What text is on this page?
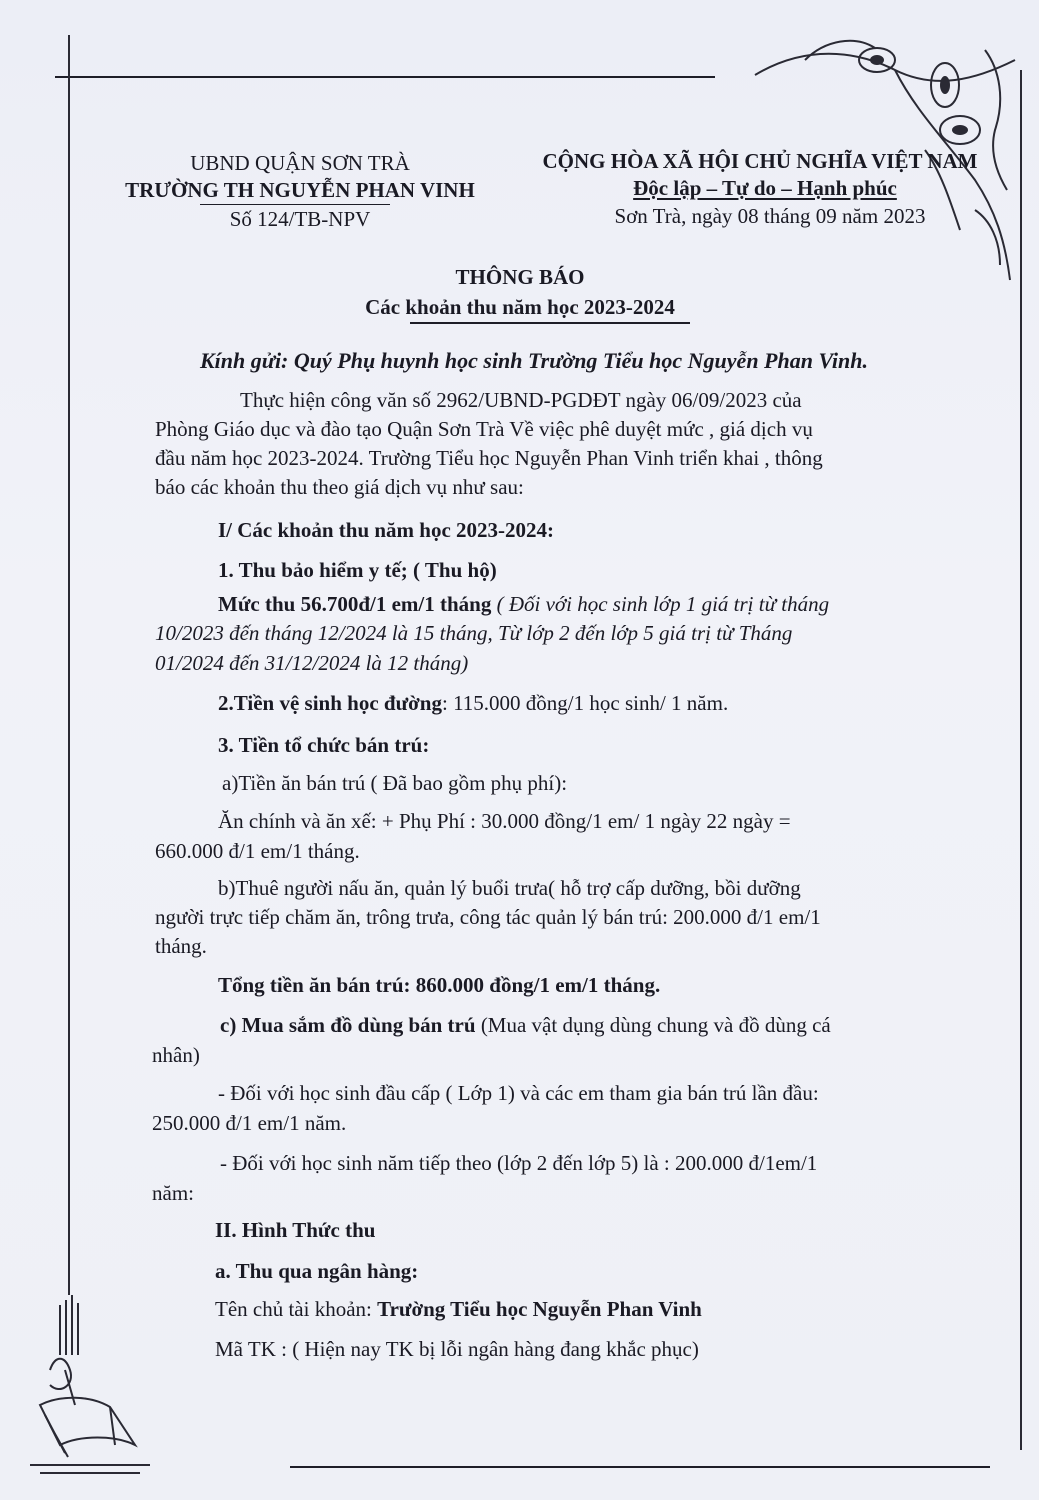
UBND QUẬN SƠN TRÀ
TRƯỜNG TH NGUYỄN PHAN VINH
Số 124/TB-NPV
CỘNG HÒA XÃ HỘI CHỦ NGHĨA VIỆT NAM
Độc lập – Tự do – Hạnh phúc
Sơn Trà, ngày 08 tháng 09 năm 2023
THÔNG BÁO
Các khoản thu năm học 2023-2024
Kính gửi: Quý Phụ huynh học sinh Trường Tiểu học Nguyễn Phan Vinh.
Thực hiện công văn số 2962/UBND-PGDĐT ngày 06/09/2023 của
Phòng Giáo dục và đào tạo Quận Sơn Trà Về việc phê duyệt mức , giá dịch vụ
đầu năm học 2023-2024. Trường Tiểu học Nguyễn Phan Vinh triển khai , thông
báo các khoản thu theo giá dịch vụ như sau:
I/ Các khoản thu năm học 2023-2024:
1. Thu bảo hiểm y tế; ( Thu hộ)
Mức thu 56.700đ/1 em/1 tháng ( Đối với học sinh lớp 1 giá trị từ tháng
10/2023 đến tháng 12/2024 là 15 tháng, Từ lớp 2 đến lớp 5 giá trị từ Tháng
01/2024 đến 31/12/2024 là 12 tháng)
2.Tiền vệ sinh học đường: 115.000 đồng/1 học sinh/ 1 năm.
3. Tiền tổ chức bán trú:
a)Tiền ăn bán trú ( Đã bao gồm phụ phí):
Ăn chính và ăn xế: + Phụ Phí : 30.000 đồng/1 em/ 1 ngày 22 ngày =
660.000 đ/1 em/1 tháng.
b)Thuê người nấu ăn, quản lý buổi trưa( hỗ trợ cấp dưỡng, bồi dưỡng
người trực tiếp chăm ăn, trông trưa, công tác quản lý bán trú: 200.000 đ/1 em/1
tháng.
Tổng tiền ăn bán trú: 860.000 đồng/1 em/1 tháng.
c) Mua sắm đồ dùng bán trú (Mua vật dụng dùng chung và đồ dùng cá
nhân)
- Đối với học sinh đầu cấp ( Lớp 1) và các em tham gia bán trú lần đầu:
250.000 đ/1 em/1 năm.
- Đối với học sinh năm tiếp theo (lớp 2 đến lớp 5) là : 200.000 đ/1em/1
năm:
II. Hình Thức thu
a. Thu qua ngân hàng:
Tên chủ tài khoản: Trường Tiểu học Nguyễn Phan Vinh
Mã TK : ( Hiện nay TK bị lỗi ngân hàng đang khắc phục)
